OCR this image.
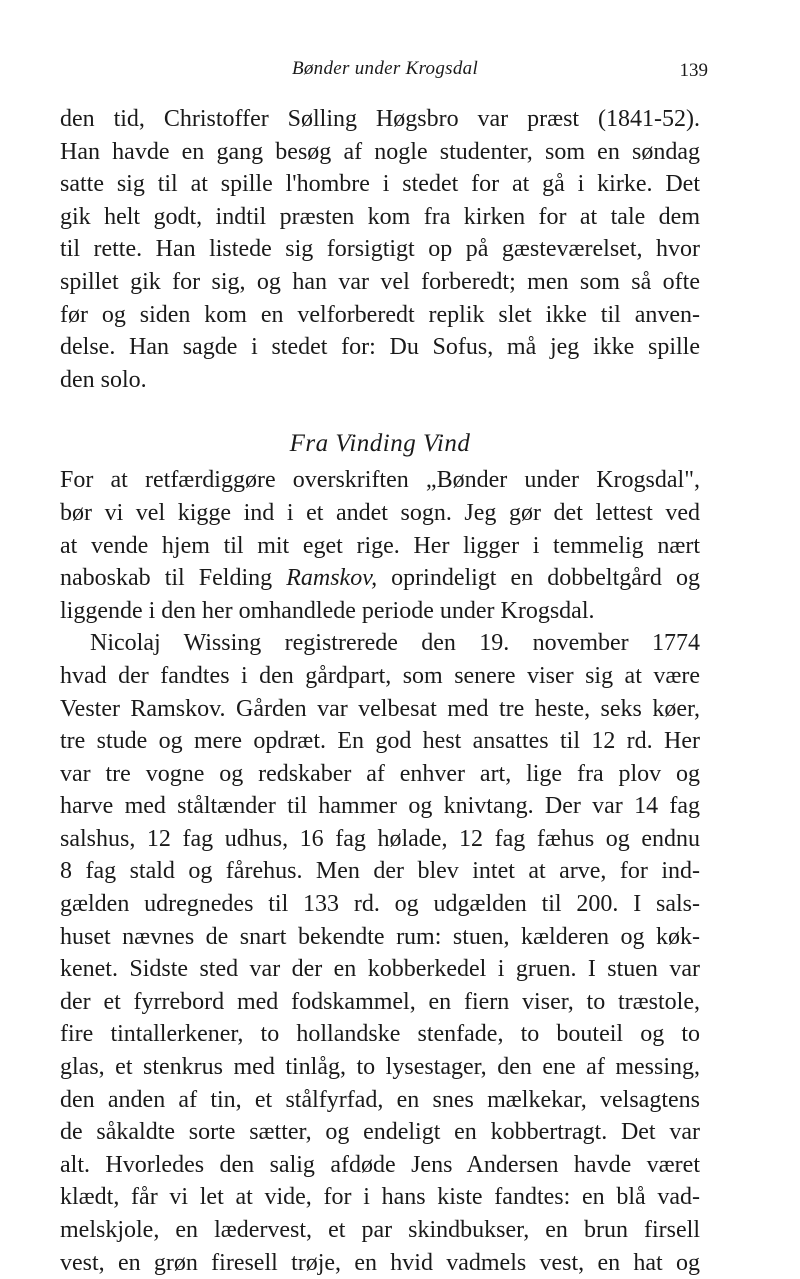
Bønder under Krogsdal	139
den tid, Christoffer Sølling Høgsbro var præst (1841-52).
Han havde en gang besøg af nogle studenter, som en søndag
satte sig til at spille l'hombre i stedet for at gå i kirke. Det
gik helt godt, indtil præsten kom fra kirken for at tale dem
til rette. Han listede sig forsigtigt op på gæsteværelset, hvor
spillet gik for sig, og han var vel forberedt; men som så ofte
før og siden kom en velforberedt replik slet ikke til anven-
delse. Han sagde i stedet for: Du Sofus, må jeg ikke spille
den solo.
Fra Vinding Vind
For at retfærdiggøre overskriften „Bønder under Krogsdal",
bør vi vel kigge ind i et andet sogn. Jeg gør det lettest ved
at vende hjem til mit eget rige. Her ligger i temmelig nært
naboskab til Felding Ramskov, oprindeligt en dobbeltgård og
liggende i den her omhandlede periode under Krogsdal.
Nicolaj Wissing registrerede den 19. november 1774
hvad der fandtes i den gårdpart, som senere viser sig at være
Vester Ramskov. Gården var velbesat med tre heste, seks køer,
tre stude og mere opdræt. En god hest ansattes til 12 rd. Her
var tre vogne og redskaber af enhver art, lige fra plov og
harve med ståltænder til hammer og knivtang. Der var 14 fag
salshus, 12 fag udhus, 16 fag hølade, 12 fag fæhus og endnu
8 fag stald og fårehus. Men der blev intet at arve, for ind-
gælden udregnedes til 133 rd. og udgælden til 200. I sals-
huset nævnes de snart bekendte rum: stuen, kælderen og køk-
kenet. Sidste sted var der en kobberkedel i gruen. I stuen var
der et fyrrebord med fodskammel, en fiern viser, to træstole,
fire tintallerkener, to hollandske stenfade, to bouteil og to
glas, et stenkrus med tinlåg, to lysestager, den ene af messing,
den anden af tin, et stålfyrfad, en snes mælkekar, velsagtens
de såkaldte sorte sætter, og endeligt en kobbertragt. Det var
alt. Hvorledes den salig afdøde Jens Andersen havde været
klædt, får vi let at vide, for i hans kiste fandtes: en blå vad-
melskjole, en lædervest, et par skindbukser, en brun firsell
vest, en grøn firesell trøje, en hvid vadmels vest, en hat og
